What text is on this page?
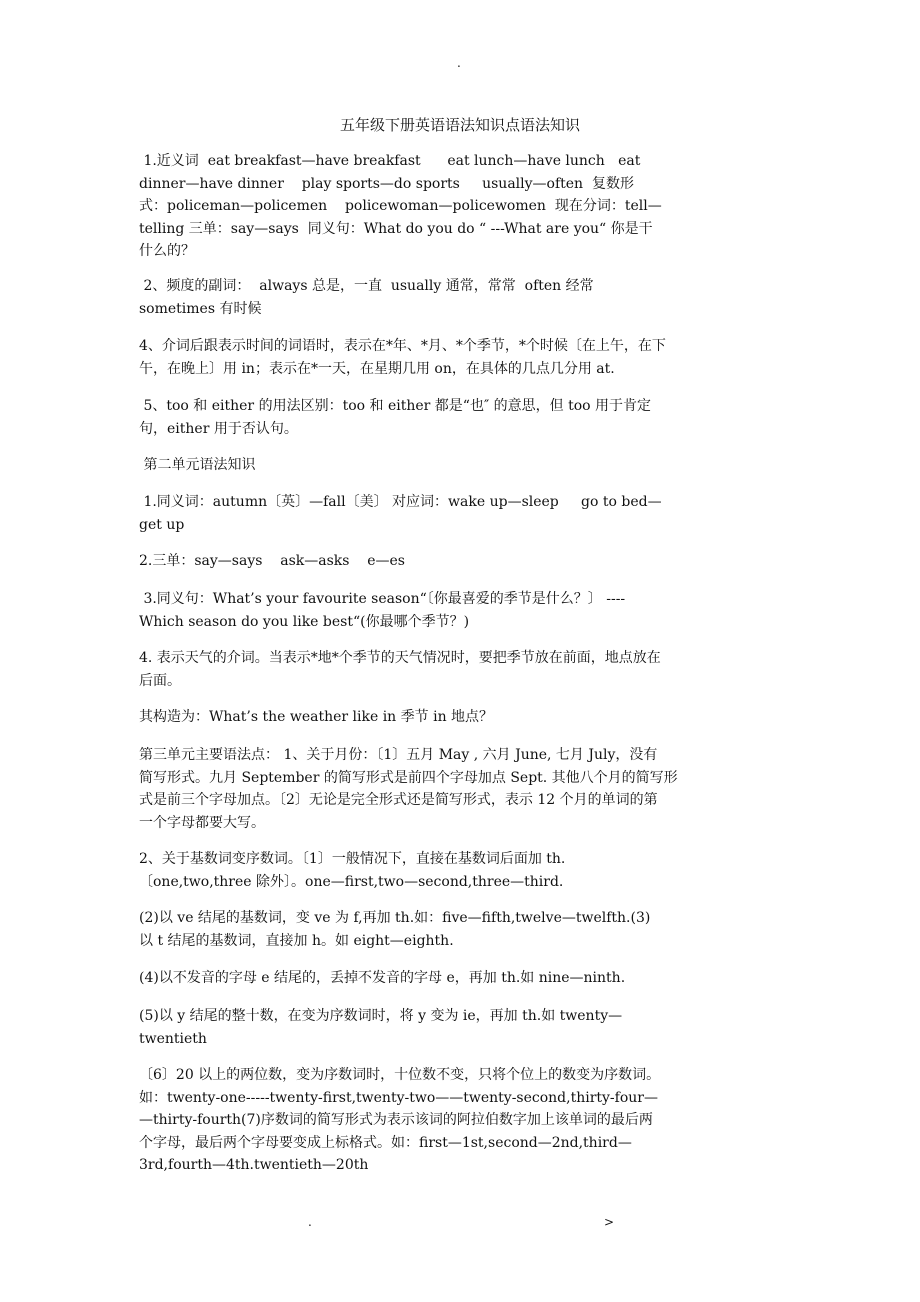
.
五年级下册英语语法知识点语法知识
1.近义词  eat breakfast—have breakfast      eat lunch—have lunch   eat
dinner—have dinner    play sports—do sports     usually—often  复数形
式：policeman—policemen    policewoman—policewomen  现在分词：tell—
telling 三单：say—says  同义句：What do you do “ ---What are you“ 你是干
什么的？
2、频度的副词：  always 总是，一直  usually 通常，常常  often 经常
sometimes 有时候
4、介词后跟表示时间的词语时，表示在*年、*月、*个季节，*个时候〔在上午，在下
午，在晚上〕用 in；表示在*一天，在星期几用 on，在具体的几点几分用 at.
5、too 和 either 的用法区别：too 和 either 都是“也″ 的意思，但 too 用于肯定
句，either 用于否认句。
第二单元语法知识
1.同义词：autumn〔英〕—fall〔美〕 对应词：wake up—sleep     go to bed—
get up
2.三单：say—says    ask—asks    e—es
3.同义句：What’s your favourite season“〔你最喜爱的季节是什么？〕 ----
Which season do you like best“(你最哪个季节？)
4. 表示天气的介词。当表示*地*个季节的天气情况时，要把季节放在前面，地点放在
后面。
其构造为：What’s the weather like in 季节 in 地点？
第三单元主要语法点： 1、关于月份：〔1〕五月 May , 六月 June, 七月 July，没有
简写形式。九月 September 的简写形式是前四个字母加点 Sept. 其他八个月的简写形
式是前三个字母加点。〔2〕无论是完全形式还是简写形式，表示 12 个月的单词的第
一个字母都要大写。
2、关于基数词变序数词。〔1〕一般情况下，直接在基数词后面加 th.
〔one,two,three 除外〕。one—first,two—second,three—third.
(2)以 ve 结尾的基数词，变 ve 为 f,再加 th.如：five—fifth,twelve—twelfth.(3)
以 t 结尾的基数词，直接加 h。如 eight—eighth.
(4)以不发音的字母 e 结尾的，丢掉不发音的字母 e，再加 th.如 nine—ninth.
(5)以 y 结尾的整十数，在变为序数词时，将 y 变为 ie，再加 th.如 twenty—
twentieth
〔6〕20 以上的两位数，变为序数词时，十位数不变，只将个位上的数变为序数词。
如：twenty-one-----twenty-first,twenty-two——twenty-second,thirty-four—
—thirty-fourth(7)序数词的简写形式为表示该词的阿拉伯数字加上该单词的最后两
个字母，最后两个字母要变成上标格式。如：first—1st,second—2nd,third—
3rd,fourth—4th.twentieth—20th
.	>
